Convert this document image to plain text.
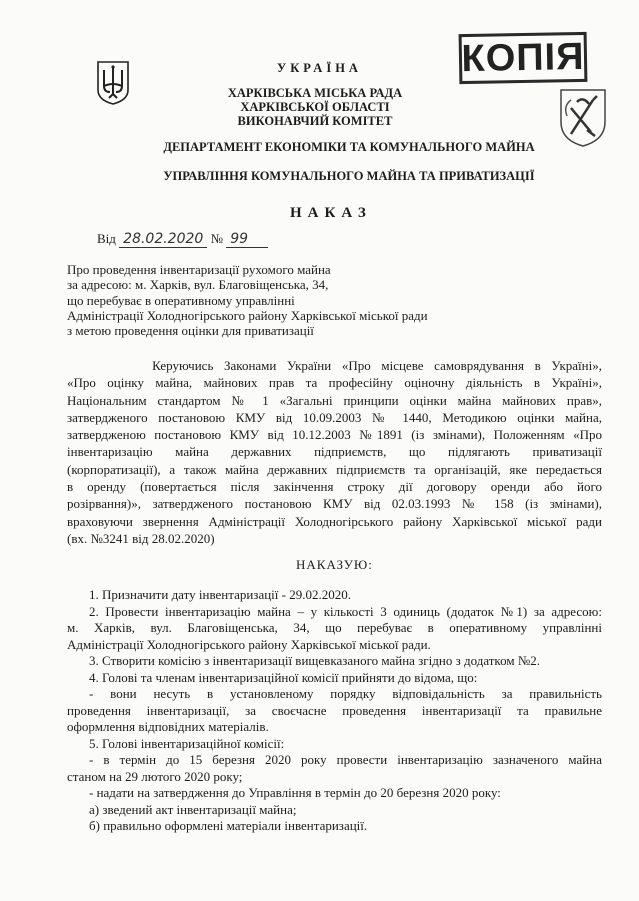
КОПІЯ
УКРАЇНА
ХАРКІВСЬКА МІСЬКА РАДА
ХАРКІВСЬКОЇ ОБЛАСТІ
ВИКОНАВЧИЙ КОМІТЕТ
ДЕПАРТАМЕНТ ЕКОНОМІКИ ТА КОМУНАЛЬНОГО МАЙНА
УПРАВЛІННЯ КОМУНАЛЬНОГО МАЙНА ТА ПРИВАТИЗАЦІЇ
НАКАЗ
Від 28.02.2020 № 99
Про проведення інвентаризації рухомого майна
за адресою: м. Харків, вул. Благовіщенська, 34,
що перебуває в оперативному управлінні
Адміністрації Холодногірського району Харківської міської ради
з метою проведення оцінки для приватизації
Керуючись Законами України «Про місцеве самоврядування в Україні»,
«Про оцінку майна, майнових прав та професійну оціночну діяльність в Україні»,
Національним стандартом № 1 «Загальні принципи оцінки майна майнових прав»,
затвердженого постановою КМУ від 10.09.2003 № 1440, Методикою оцінки майна,
затвердженою постановою КМУ від 10.12.2003 №1891 (із змінами), Положенням «Про
інвентаризацію майна державних підприємств, що підлягають приватизації
(корпоратизації), а також майна державних підприємств та організацій, яке передається
в оренду (повертається після закінчення строку дії договору оренди або його
розірвання)», затвердженого постановою КМУ від 02.03.1993 № 158 (із змінами),
враховуючи звернення Адміністрації Холодногірського району Харківської міської ради
(вх. №3241 від 28.02.2020)
НАКАЗУЮ:
1. Призначити дату інвентаризації - 29.02.2020.
2. Провести інвентаризацію майна – у кількості 3 одиниць (додаток №1) за адресою:
м. Харків, вул. Благовіщенська, 34, що перебуває в оперативному управлінні
Адміністрації Холодногірського району Харківської міської ради.
3. Створити комісію з інвентаризації вищевказаного майна згідно з додатком №2.
4. Голові та членам інвентаризаційної комісії прийняти до відома, що:
- вони несуть в установленому порядку відповідальність за правильність
проведення інвентаризації, за своєчасне проведення інвентаризації та правильне
оформлення відповідних матеріалів.
5. Голові інвентаризаційної комісії:
- в термін до 15 березня 2020 року провести інвентаризацію зазначеного майна
станом на 29 лютого 2020 року;
- надати на затвердження до Управління в термін до 20 березня 2020 року:
а) зведений акт інвентаризації майна;
б) правильно оформлені матеріали інвентаризації.
